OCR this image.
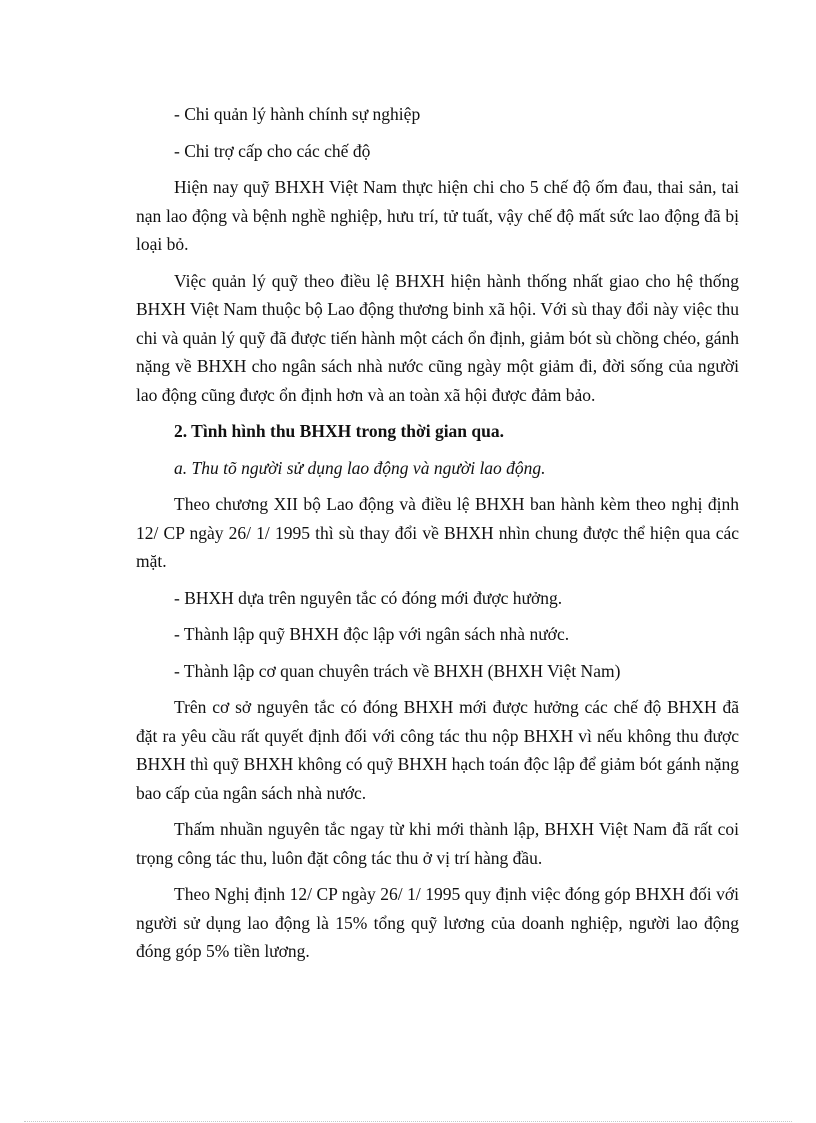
- Chi quản lý hành chính sự nghiệp

- Chi trợ cấp cho các chế độ

Hiện nay quỹ BHXH Việt Nam thực hiện chi cho 5 chế độ ốm đau, thai sản, tai nạn lao động và bệnh nghề nghiệp, hưu trí, tử tuất, vậy chế độ mất sức lao động đã bị loại bỏ.

Việc quản lý quỹ theo điều lệ BHXH hiện hành thống nhất giao cho hệ thống BHXH Việt Nam thuộc bộ Lao động thương binh xã hội. Với sù thay đổi này việc thu chi và quản lý quỹ đã được tiến hành một cách ổn định, giảm bót sù chồng chéo, gánh nặng về BHXH cho ngân sách nhà nước cũng ngày một giảm đi, đời sống của người lao động cũng được ổn định hơn và an toàn xã hội được đảm bảo.

2. Tình hình thu BHXH trong thời gian qua.

a. Thu tõ người sử dụng lao động và người lao động.

Theo chương XII bộ Lao động và điều lệ BHXH ban hành kèm theo nghị định 12/ CP ngày 26/ 1/ 1995 thì sù thay đổi về BHXH nhìn chung được thể hiện qua các mặt.

- BHXH dựa trên nguyên tắc có đóng mới được hưởng.

- Thành lập quỹ BHXH độc lập với ngân sách nhà nước.

- Thành lập cơ quan chuyên trách về BHXH (BHXH Việt Nam)

Trên cơ sở nguyên tắc có đóng BHXH mới được hưởng các chế độ BHXH đã đặt ra yêu cầu rất quyết định đối với công tác thu nộp BHXH vì nếu không thu được BHXH thì quỹ BHXH không có quỹ BHXH hạch toán độc lập để giảm bót gánh nặng bao cấp của ngân sách nhà nước.

Thấm nhuần nguyên tắc ngay từ khi mới thành lập, BHXH Việt Nam đã rất coi trọng công tác thu, luôn đặt công tác thu ở vị trí hàng đầu.

Theo Nghị định 12/ CP ngày 26/ 1/ 1995 quy định việc đóng góp BHXH đối với người sử dụng lao động là 15% tổng quỹ lương của doanh nghiệp, người lao động đóng góp 5% tiền lương.
